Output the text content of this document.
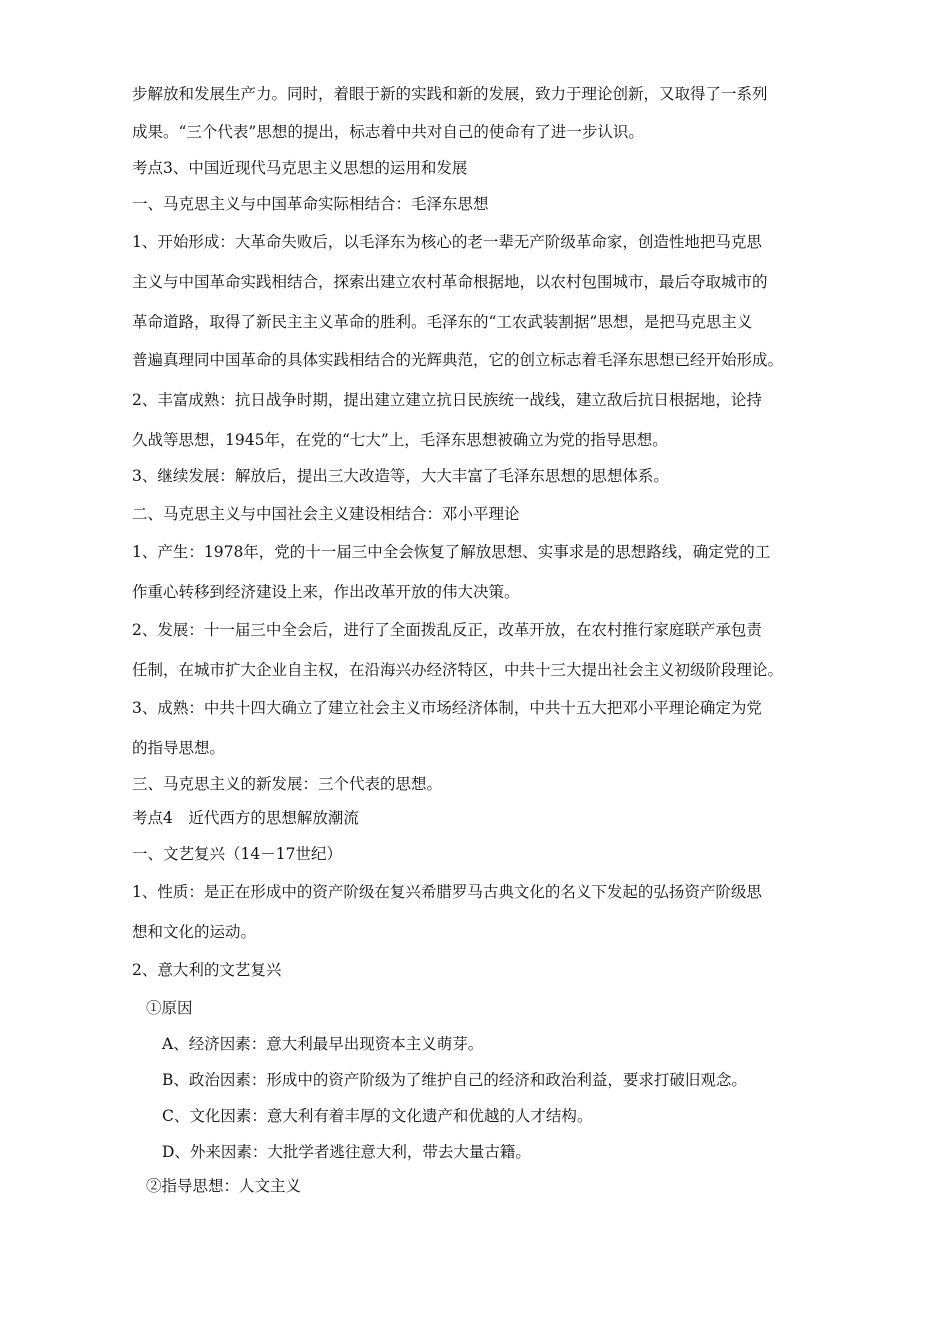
步解放和发展生产力。同时，着眼于新的实践和新的发展，致力于理论创新，又取得了一系列
成果。“三个代表”思想的提出，标志着中共对自己的使命有了进一步认识。
考点3、中国近现代马克思主义思想的运用和发展
一、马克思主义与中国革命实际相结合：毛泽东思想
1、开始形成：大革命失败后，以毛泽东为核心的老一辈无产阶级革命家，创造性地把马克思
主义与中国革命实践相结合，探索出建立农村革命根据地，以农村包围城市，最后夺取城市的
革命道路，取得了新民主主义革命的胜利。毛泽东的“工农武装割据”思想，是把马克思主义
普遍真理同中国革命的具体实践相结合的光辉典范，它的创立标志着毛泽东思想已经开始形成。
2、丰富成熟：抗日战争时期，提出建立建立抗日民族统一战线，建立敌后抗日根据地，论持
久战等思想，1945年，在党的“七大”上，毛泽东思想被确立为党的指导思想。
3、继续发展：解放后，提出三大改造等，大大丰富了毛泽东思想的思想体系。
二、马克思主义与中国社会主义建设相结合：邓小平理论
1、产生：1978年，党的十一届三中全会恢复了解放思想、实事求是的思想路线，确定党的工
作重心转移到经济建设上来，作出改革开放的伟大决策。
2、发展：十一届三中全会后，进行了全面拨乱反正，改革开放，在农村推行家庭联产承包责
任制，在城市扩大企业自主权，在沿海兴办经济特区，中共十三大提出社会主义初级阶段理论。
3、成熟：中共十四大确立了建立社会主义市场经济体制，中共十五大把邓小平理论确定为党
的指导思想。
三、马克思主义的新发展：三个代表的思想。
考点4　近代西方的思想解放潮流
一、文艺复兴（14－17世纪）
1、性质：是正在形成中的资产阶级在复兴希腊罗马古典文化的名义下发起的弘扬资产阶级思
想和文化的运动。
2、意大利的文艺复兴
①原因
A、经济因素：意大利最早出现资本主义萌芽。
B、政治因素：形成中的资产阶级为了维护自己的经济和政治利益，要求打破旧观念。
C、文化因素：意大利有着丰厚的文化遗产和优越的人才结构。
D、外来因素：大批学者逃往意大利，带去大量古籍。
②指导思想：人文主义
